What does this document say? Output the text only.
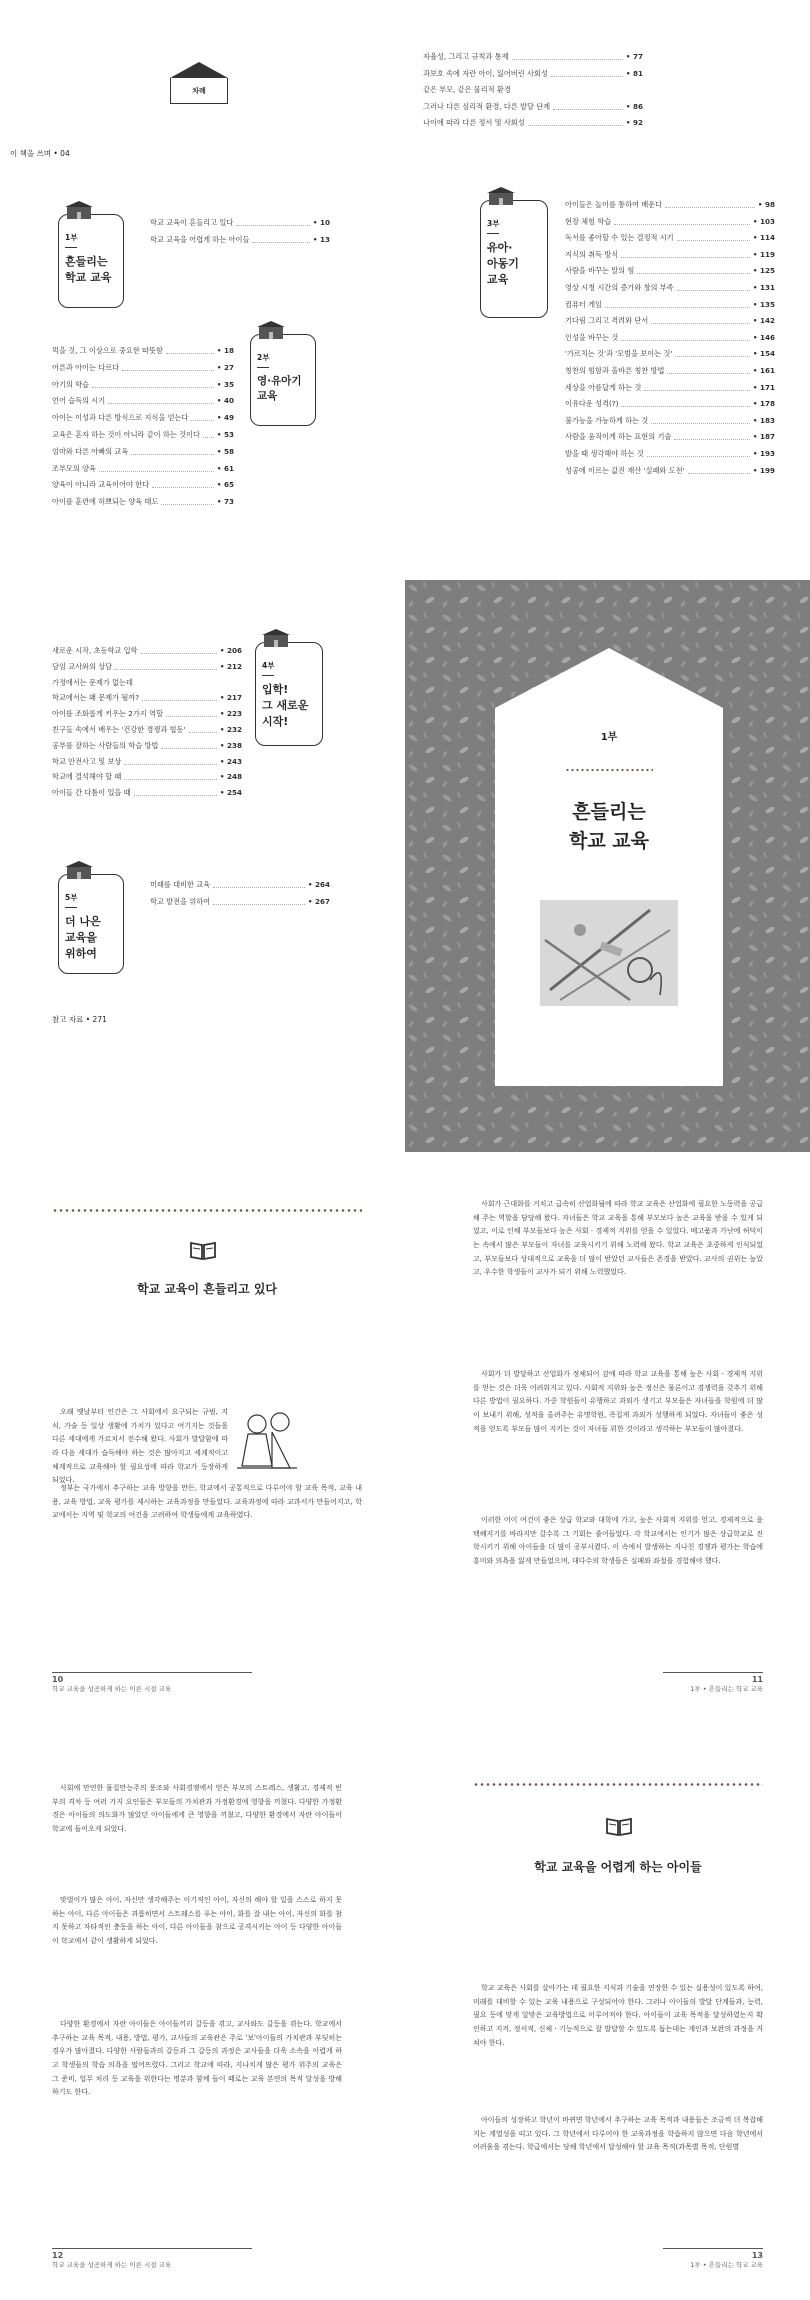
차례
이 책을 쓰며 • 04
1부
흔들리는
학교 교육
학교 교육이 흔들리고 있다	• 10
학교 교육을 어렵게 하는 아이들	• 13
2부
영·유아기
교육
먹을 것, 그 이상으로 중요한 따뜻함	• 18
어른과 아이는 다르다	• 27
아기의 학습	• 35
언어 습득의 시기	• 40
아이는 이성과 다른 방식으로 지식을 얻는다	• 49
교육은 혼자 하는 것이 아니라 같이 하는 것이다 • 53
엄마와 다른 아빠의 교육	• 58
조부모의 양육	• 61
양육이 아니라 교육이어야 한다	• 65
아이를 훈련에 허쁘되는 양육 태도	• 73
자율성, 그리고 규칙과 통제	• 77
과보호 속에 자란 아이, 잃어버린 사회성	• 81
같은 부모, 같은 물리적 환경
그러나 다른 심리적 환경, 다른 발달 단계	• 86
나이에 따라 다른 정서 및 사회성	• 92
3부
유아·
아동기
교육
아이들은 놀이를 통하여 배운다	• 98
현장 체험 학습	• 103
독서를 좋아할 수 있는 결정적 시기	• 114
지식의 취득 방식	• 119
사람을 바꾸는 말의 힘	• 125
영상 시청 시간의 증가와 창의 부족	• 131
컴퓨터 게임	• 135
기다림 그리고 격려와 단서	• 142
인성을 바꾸는 것	• 146
'가르치는 것'과 '모범을 보이는 것'	• 154
칭찬의 힘함과 올바른 칭찬 방법	• 161
세상을 아름답게 하는 것	• 171
이유다운 성격(?)	• 178
불가능을 가능하게 하는 것	• 183
사람을 움직이게 하는 표현의 기술	• 187
발을 때 생각해야 하는 것	• 193
성공에 이르는 값진 재산 '실패와 도전'	• 199
4부
입학!
그 새로운
시작!
새로운 시작, 초등학교 입학	• 206
담임 교사와의 상담	• 212
가정에서는 문제가 없는데
학교에서는 왜 문제가 될까?	• 217
아이를 조화롭게 키우는 2가지 역할	• 223
친구들 속에서 배우는 '건강한 경쟁과 협동'	• 232
공부를 잘하는 사람들의 학습 방법	• 238
학교 안전사고 및 보상	• 243
학교에 결석해야 할 때	• 248
아이들 간 다툼이 있을 때	• 254
5부
더 나은
교육을
위하여
미래를 대비한 교육	• 264
학교 발전을 위하여	• 267
참고 자료 • 271
1부
흔들리는
학교 교육
학교 교육이 흔들리고 있다
오래 옛날부터 인간은 그 사회에서 요구되는 규범, 지식, 가술 등 일상 생활에 가치가 있다고 여기지는 것들을 다른 세대에게 가르치서 전수해 왔다. 사회가 발달함에 따라 다음 세대가 습득해야 하는 것은 많아지고 세계적이고 체계적으로 교육해야 할 필요성에 따라 학교가 등장하게 되었다.
정부는 국가에서 추구하는 교육 방향을 만든, 학교에서 공통적으로 다루어야 할 교육 목적, 교육 내용, 교육 방법, 교육 평가를 제시하는 교육과정을 만들었다. 교육과정에 따라 교과서가 만들어지고, 학교에서는 지역 및 학교의 여건을 고려하여 학생들에게 교육하였다.
10
학교 교육을 성공하게 하는 이른 시절 교육
사회가 근대화를 거치고 급속히 산업화됨에 따라 학교 교육은 산업화에 필요한 노동력을 공급해 주는 역할을 담당해 왔다. 자녀들은 학교 교육을 통해 부모보다 높은 교육을 받을 수 있게 되었고, 이로 인해 부모들보다 높은 사회 · 경제적 지위를 얻을 수 있었다. 베고품과 가난에 허덕이는 속에서 많은 부모들이 자녀를 교육시키기 위해 노력해 왔다. 학교 교육은 초중하게 인식되었고, 부모들보다 상대적으로 교육을 더 많이 받았던 교사들은 존경을 받았다. 교사의 권위는 높았고, 우수한 학생들이 교사가 되기 위해 노력했었다.
사회가 더 발달하고 산업화가 정체되어 감에 따라 학교 교육을 통해 높은 사회 · 경제적 지위를 얻는 것은 더욱 어려워지고 있다. 사회적 지위와 높은 정신은 물론이고 경쟁력을 갖추기 위해 다른 방법이 필요하다. 가중 학원들이 유행하고 과외가 생기고 부모들은 자녀들을 학원에 더 많이 보내기 위해, 성적을 올려주는 유명학원, 족집게 과외가 성행하게 되었다. 자녀들이 좋은 성적을 얻도록 부모들 많이 지키는 것이 자녀들 위한 것이라고 생각하는 부모들이 많아졌다.
이러한 어이 여건이 좋은 상급 학교와 대학에 가고, 높은 사회적 지위를 얻고, 경제적으로 윤택해지기를 바라지만 갈수록 그 기회는 줄어들었다. 각 학교에서는 인기가 많은 상급학교로 진학시키기 위해 아이들을 더 많이 공부시켰다. 이 속에서 발생하는 지나친 경쟁과 평가는 학습에 흥미와 의욕을 잃게 만들었으며, 대다수의 학생들은 실패와 좌절을 경험해야 했다.
11
1부 • 흔들리는 학교 교육
사회에 만연한 물질만능주의 풍조와 사회경쟁에서 얻은 부모의 스트레스, 생활고, 경제적 빈부의 격차 등 여러 가지 요인들은 부모들의 가치관과 가정환경에 영향을 끼쳤다. 다양한 가정환경은 아이들의 의도화가 많았던 아이들에게 큰 영향을 끼쳤고, 다양한 환경에서 자란 아이들이 학교에 들어오게 되었다.
맞벌이가 많은 아이, 자신만 생각해주는 이기적인 아이, 자신의 해야 할 일을 스스로 하지 못하는 아이, 다른 아이들은 괴롭히면서 스트레스를 푸는 아이, 화를 잘 내는 아이, 자신의 화를 참지 못하고 자타적인 충동을 하는 아이, 다른 아이들을 참으로 공격시키는 아이 등 다양한 아이들이 학교에서 같이 생활하게 되었다.
다양한 환경에서 자란 아이들은 아이들끼리 갈등을 겪고, 교사와도 갈등을 겪는다. 학교에서 추구하는 교육 목적, 내용, 방법, 평가, 교사들의 교육관은 주로 '보'아이들의 가치관과 부딪히는 경우가 많아졌다. 다양한 사람들과의 갈등과 그 갈등의 과정은 교사들을 더욱 소속을 어렵게 하고 학생들의 학습 의욕을 떨어뜨렸다. 그리고 학교에 따라, 지나치게 많은 평가 위주의 교육은 그 준비, 업무 처리 등 교육을 위한다는 명분과 함께 들이 떼로는 교육 본연의 목적 달성을 방해하기도 한다.
12
학교 교육을 성공하게 하는 이른 시절 교육
학교 교육을 어렵게 하는 아이들
학교 교육은 사회를 살아가는 데 필요한 지식과 기술을 연장한 수 있는 실용성이 있도록 하여, 미래를 대비할 수 있는 교육 내용으로 구성되어야 한다. 그러나 아이들의 발달 단계들과, 능력, 필요 등에 맞게 알맞은 교육방법으로 이루어져야 한다. 아이들이 교육 목적을 달성하였는지 확인하고 지켜, 정서적, 신체 · 기능적으로 잘 발달할 수 있도록 돕는데는 개인과 보완의 과정을 거쳐야 한다.
아이들의 성장하고 학년이 바뀌면 학년에서 추구하는 교육 목적과 내용들은 조금씩 더 복잡해지는 계열성을 띠고 있다. 그 학년에서 다루어야 한 교육과정을 학습하지 않으면 다음 학년에서 어려움을 겪는다. 학급에서는 당해 학년에서 달성해야 할 교육 목적(과목별 목적, 단원별
13
1부 • 흔들리는 학교 교육
